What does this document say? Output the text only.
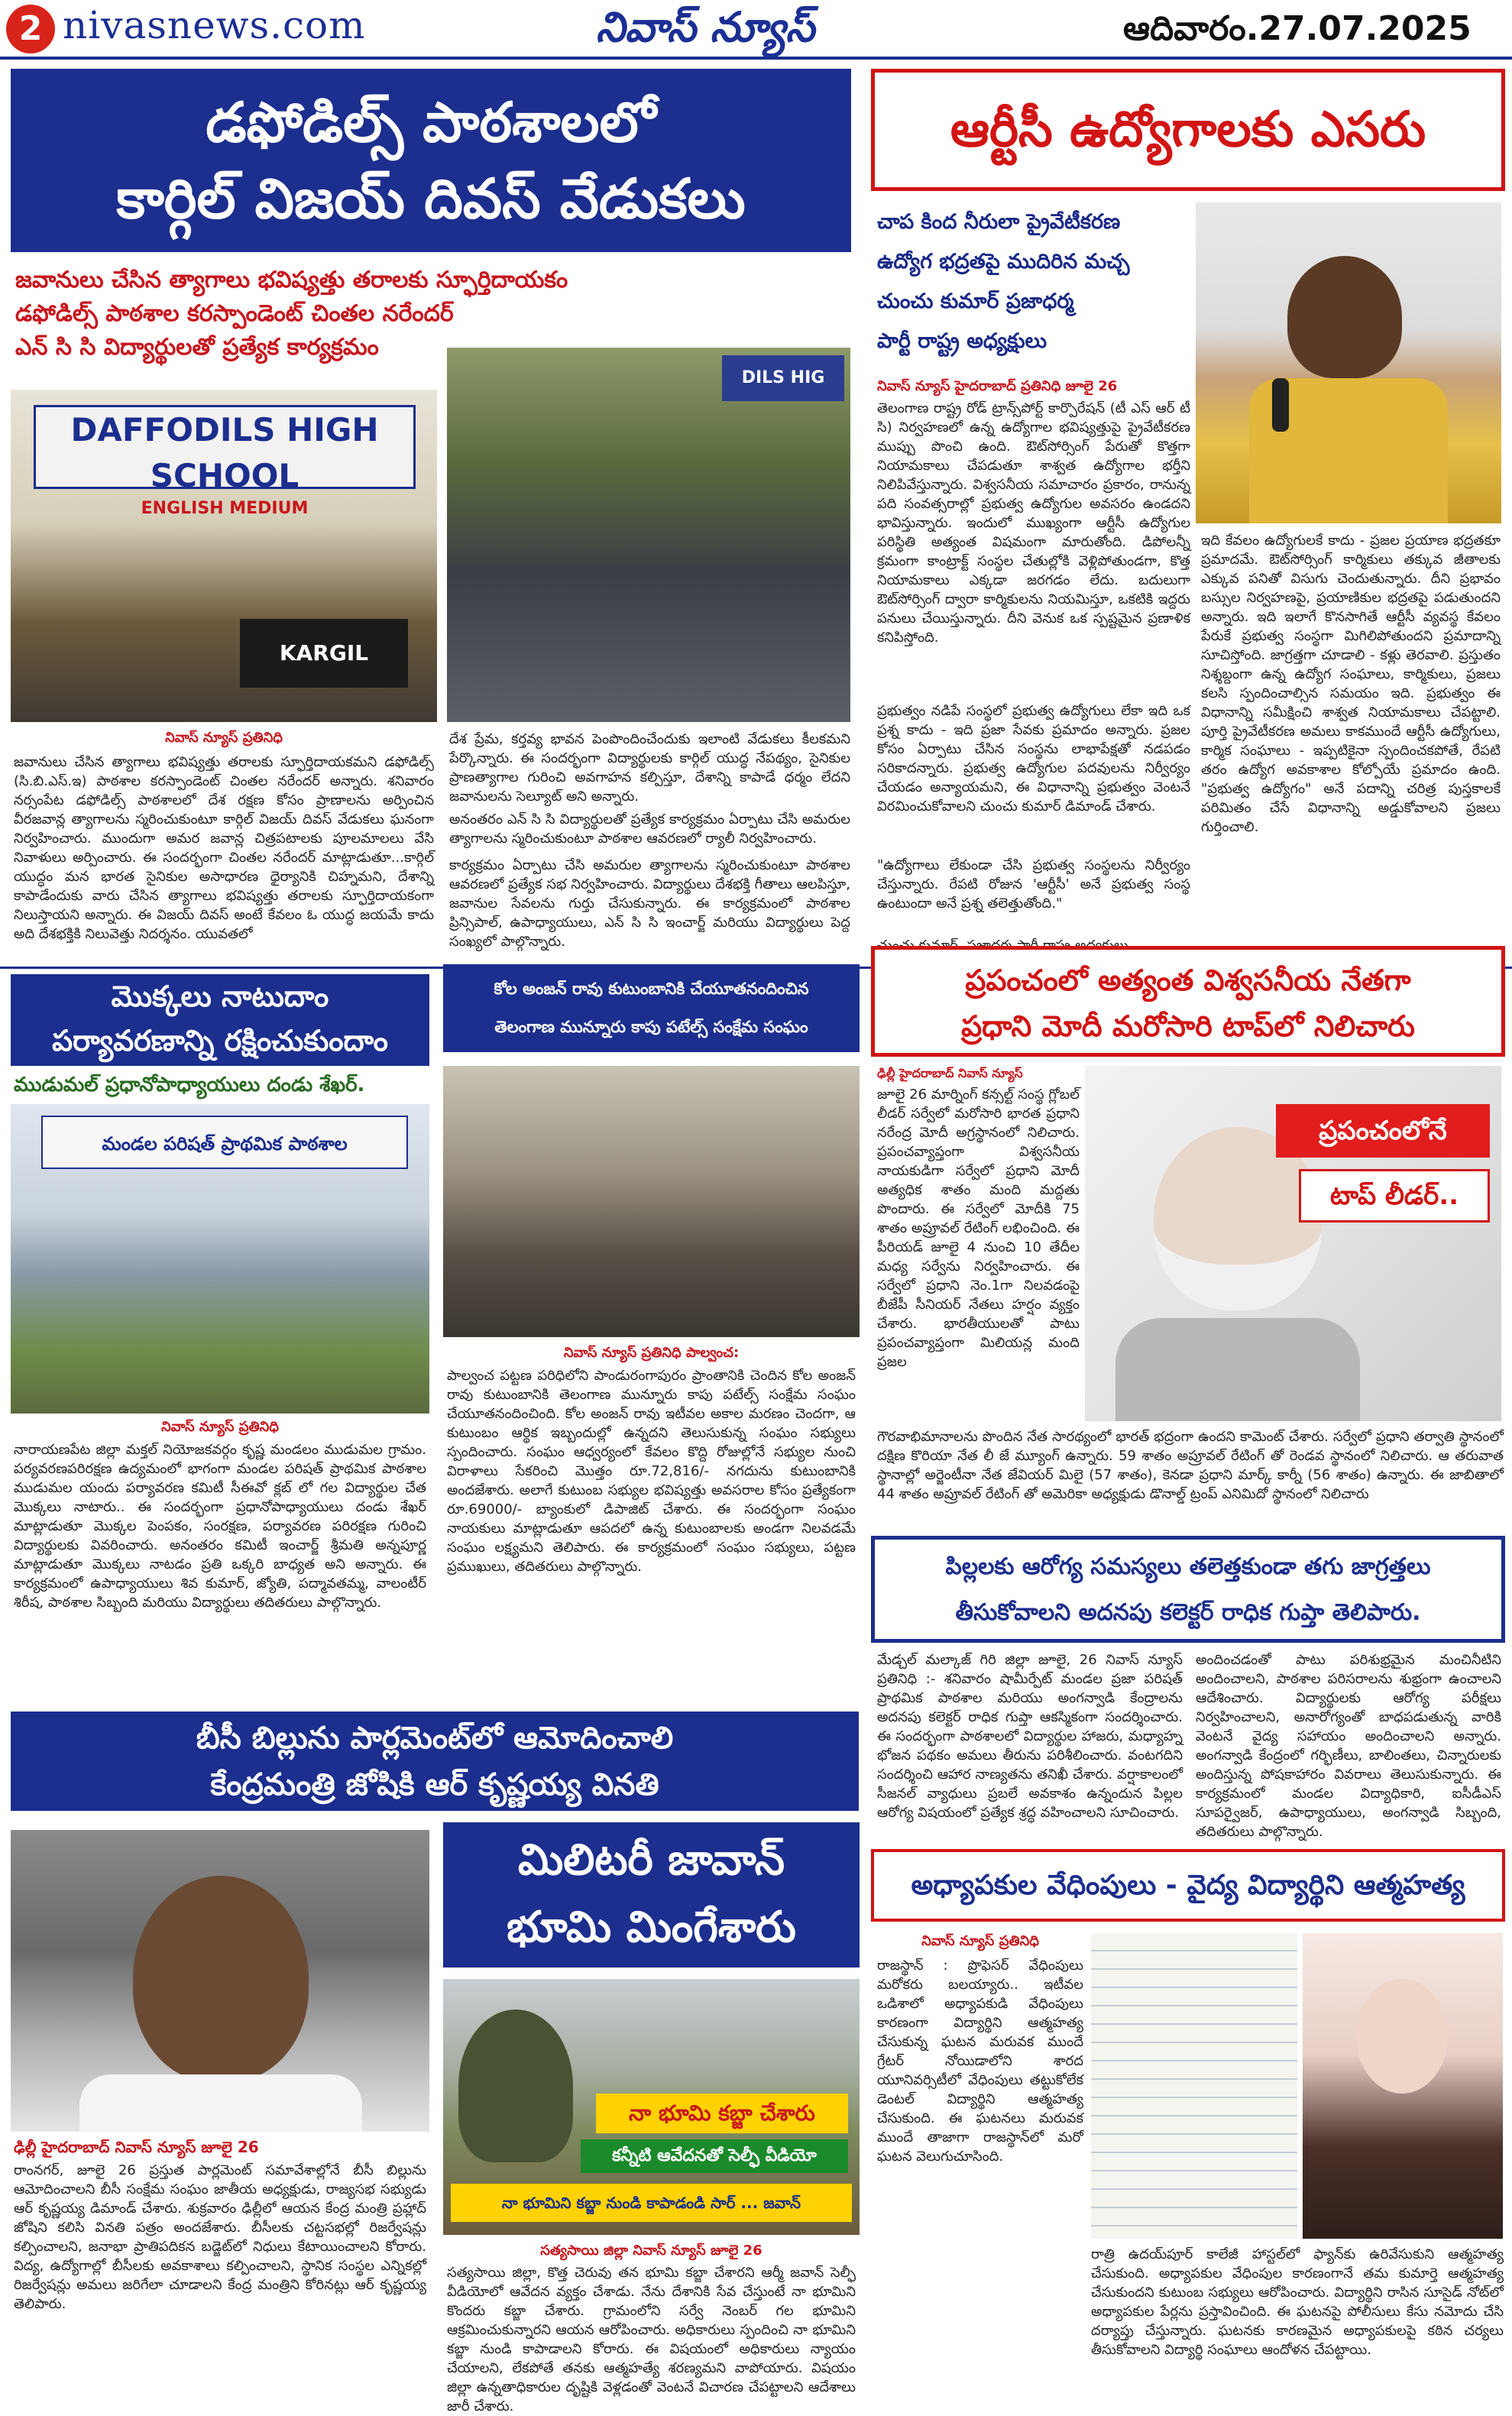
2 nivasnews.com	నివాస్ న్యూస్	ఆదివారం.27.07.2025
డఫోడిల్స్ పాఠశాలలో
కార్గిల్ విజయ్ దివస్ వేడుకలు
జవానులు చేసిన త్యాగాలు భవిష్యత్తు తరాలకు స్ఫూర్తిదాయకం
డఫోడిల్స్ పాఠశాల కరస్పాండెంట్ చింతల నరేందర్
ఎన్ సి సి విద్యార్థులతో ప్రత్యేక కార్యక్రమం
DAFFODILS HIGH SCHOOL
ENGLISH MEDIUM
KARGIL
DILS HIG
నివాస్ న్యూస్ ప్రతినిధి
జవానులు చేసిన త్యాగాలు భవిష్యత్తు తరాలకు స్ఫూర్తిదాయకమని డఫోడిల్స్ (సి.బి.ఎస్.ఇ) పాఠశాల కరస్పాండెంట్ చింతల నరేందర్ అన్నారు. శనివారం నర్సంపేట డఫోడిల్స్ పాఠశాలలో దేశ రక్షణ కోసం ప్రాణాలను అర్పించిన వీరజవాన్ల త్యాగాలను స్మరించుకుంటూ కార్గిల్ విజయ్ దివస్ వేడుకలు ఘనంగా నిర్వహించారు. ముందుగా అమర జవాన్ల చిత్రపటాలకు పూలమాలలు వేసి నివాళులు అర్పించారు. ఈ సందర్భంగా చింతల నరేందర్ మాట్లాడుతూ...కార్గిల్ యుద్ధం మన భారత సైనికుల అసాధారణ ధైర్యానికి చిహ్నమని, దేశాన్ని కాపాడేందుకు వారు చేసిన త్యాగాలు భవిష్యత్తు తరాలకు స్ఫూర్తిదాయకంగా నిలుస్తాయని అన్నారు. ఈ విజయ్ దివస్ అంటే కేవలం ఓ యుద్ధ జయమే కాదు అది దేశభక్తికి నిలువెత్తు నిదర్శనం. యువతలో
దేశ ప్రేమ, కర్తవ్య భావన పెంపొందించేందుకు ఇలాంటి వేడుకలు కీలకమని పేర్కొన్నారు. ఈ సందర్భంగా విద్యార్థులకు కార్గిల్ యుద్ధ నేపథ్యం, సైనికుల ప్రాణత్యాగాల గురించి అవగాహన కల్పిస్తూ, దేశాన్ని కాపాడే ధర్మం లేదని జవానులను సెల్యూట్ అని అన్నారు.
అనంతరం ఎన్ సి సి విద్యార్థులతో ప్రత్యేక కార్యక్రమం ఏర్పాటు చేసి అమరుల త్యాగాలను స్మరించుకుంటూ పాఠశాల ఆవరణలో ర్యాలీ నిర్వహించారు.
కార్యక్రమం ఏర్పాటు చేసి అమరుల త్యాగాలను స్మరించుకుంటూ పాఠశాల ఆవరణలో ప్రత్యేక సభ నిర్వహించారు. విద్యార్థులు దేశభక్తి గీతాలు ఆలపిస్తూ, జవానుల సేవలను గుర్తు చేసుకున్నారు. ఈ కార్యక్రమంలో పాఠశాల ప్రిన్సిపాల్, ఉపాధ్యాయులు, ఎన్ సి సి ఇంచార్జ్ మరియు విద్యార్థులు పెద్ద సంఖ్యలో పాల్గొన్నారు.
ఆర్టీసీ ఉద్యోగాలకు ఎసరు
చాప కింద నీరులా ప్రైవేటీకరణ
ఉద్యోగ భద్రతపై ముదిరిన మచ్చ
చుంచు కుమార్ ప్రజాధర్మ
పార్టీ రాష్ట్ర అధ్యక్షులు
నివాస్ న్యూస్ హైదరాబాద్ ప్రతినిధి జూలై 26
తెలంగాణ రాష్ట్ర రోడ్ ట్రాన్స్‌పోర్ట్ కార్పొరేషన్ (టీ ఎస్ ఆర్ టీ సి) నిర్వహణలో ఉన్న ఉద్యోగాల భవిష్యత్తుపై ప్రైవేటీకరణ ముప్పు పొంచి ఉంది. ఔట్‌సోర్సింగ్ పేరుతో కొత్తగా నియామకాలు చేపడుతూ శాశ్వత ఉద్యోగాల భర్తీని నిలిపివేస్తున్నారు. విశ్వసనీయ సమాచారం ప్రకారం, రానున్న పది సంవత్సరాల్లో ప్రభుత్వ ఉద్యోగుల అవసరం ఉండదని భావిస్తున్నారు. ఇందులో ముఖ్యంగా ఆర్టీసీ ఉద్యోగుల పరిస్థితి అత్యంత విషమంగా మారుతోంది. డిపోలన్నీ క్రమంగా కాంట్రాక్ట్ సంస్థల చేతుల్లోకి వెళ్లిపోతుండగా, కొత్త నియామకాలు ఎక్కడా జరగడం లేదు. బదులుగా ఔట్‌సోర్సింగ్ ద్వారా కార్మికులను నియమిస్తూ, ఒకటికి ఇద్దరు పనులు చేయిస్తున్నారు. దీని వెనుక ఒక స్పష్టమైన ప్రణాళిక కనిపిస్తోంది.
ప్రభుత్వం నడిపే సంస్థలో ప్రభుత్వ ఉద్యోగులు లేకా ఇది ఒక ప్రశ్న కాదు - ఇది ప్రజా సేవకు ప్రమాదం అన్నారు. ప్రజల కోసం ఏర్పాటు చేసిన సంస్థను లాభాపేక్షతో నడపడం సరికాదన్నారు. ప్రభుత్వ ఉద్యోగుల పదవులను నిర్వీర్యం చేయడం అన్యాయమని, ఈ విధానాన్ని ప్రభుత్వం వెంటనే విరమించుకోవాలని చుంచు కుమార్ డిమాండ్ చేశారు.
"ఉద్యోగాలు లేకుండా చేసి ప్రభుత్వ సంస్థలను నిర్వీర్యం చేస్తున్నారు. రేపటి రోజున 'ఆర్టీసీ' అనే ప్రభుత్వ సంస్థ ఉంటుందా అనే ప్రశ్న తలెత్తుతోంది."
ఇది కేవలం ఉద్యోగులకే కాదు - ప్రజల ప్రయాణ భద్రతకూ ప్రమాదమే. ఔట్‌సోర్సింగ్ కార్మికులు తక్కువ జీతాలకు ఎక్కువ పనితో విసుగు చెందుతున్నారు. దీని ప్రభావం బస్సుల నిర్వహణపై, ప్రయాణికుల భద్రతపై పడుతుందని అన్నారు. ఇది ఇలాగే కొనసాగితే ఆర్టీసీ వ్యవస్థ కేవలం పేరుకే ప్రభుత్వ సంస్థగా మిగిలిపోతుందని ప్రమాదాన్ని సూచిస్తోంది. జాగ్రత్తగా చూడాలి - కళ్లు తెరవాలి. ప్రస్తుతం నిశ్శబ్దంగా ఉన్న ఉద్యోగ సంఘాలు, కార్మికులు, ప్రజలు కలసి స్పందించాల్సిన సమయం ఇది. ప్రభుత్వం ఈ విధానాన్ని సమీక్షించి శాశ్వత నియామకాలు చేపట్టాలి. పూర్తి ప్రైవేటీకరణ అమలు కాకముందే ఆర్టీసీ ఉద్యోగులు, కార్మిక సంఘాలు - ఇప్పటికైనా స్పందించకపోతే, రేపటి తరం ఉద్యోగ అవకాశాల కోల్పోయే ప్రమాదం ఉంది. "ప్రభుత్వ ఉద్యోగం" అనే పదాన్ని చరిత్ర పుస్తకాలకే పరిమితం చేసే విధానాన్ని అడ్డుకోవాలని ప్రజలు గుర్తించాలి.
మొక్కలు నాటుదాం
పర్యావరణాన్ని రక్షించుకుందాం
ముడుమల్ ప్రధానోపాధ్యాయులు దండు శేఖర్.
మండల పరిషత్ ప్రాథమిక పాఠశాల
నివాస్ న్యూస్ ప్రతినిధి
నారాయణపేట జిల్లా మక్తల్ నియోజకవర్గం కృష్ణ మండలం ముడుమల గ్రామం. పర్యవరణపరిరక్షణ ఉద్యమంలో భాగంగా మండల పరిషత్ ప్రాథమిక పాఠశాల ముడుమల యందు పర్యావరణ కమిటీ సీఈవో క్లబ్ లో గల విద్యార్థుల చేత మొక్కలు నాటారు.. ఈ సందర్భంగా ప్రధానోపాధ్యాయులు దండు శేఖర్ మాట్లాడుతూ మొక్కల పెంపకం, సంరక్షణ, పర్యావరణ పరిరక్షణ గురించి విద్యార్థులకు వివరించారు. అనంతరం కమిటీ ఇంచార్జ్ శ్రీమతి అన్నపూర్ణ మాట్లాడుతూ మొక్కలు నాటడం ప్రతి ఒక్కరి బాధ్యత అని అన్నారు. ఈ కార్యక్రమంలో ఉపాధ్యాయులు శివ కుమార్, జ్యోతి, పద్మావతమ్మ, వాలంటీర్ శిరీష, పాఠశాల సిబ్బంది మరియు విద్యార్థులు తదితరులు పాల్గొన్నారు.
కోల అంజన్ రావు కుటుంబానికి చేయూతనందించిన
తెలంగాణ మున్నూరు కాపు పటేల్స్ సంక్షేమ సంఘం
నివాస్ న్యూస్ ప్రతినిధి పాల్వంచ:
పాల్వంచ పట్టణ పరిధిలోని పాండురంగాపురం ప్రాంతానికి చెందిన కోల అంజన్ రావు కుటుంబానికి తెలంగాణ మున్నూరు కాపు పటేల్స్ సంక్షేమ సంఘం చేయూతనందించింది. కోల అంజన్ రావు ఇటీవల అకాల మరణం చెందగా, ఆ కుటుంబం ఆర్థిక ఇబ్బందుల్లో ఉన్నదని తెలుసుకున్న సంఘం సభ్యులు స్పందించారు. సంఘం ఆధ్వర్యంలో కేవలం కొద్ది రోజుల్లోనే సభ్యుల నుంచి విరాళాలు సేకరించి మొత్తం రూ.72,816/- నగదును కుటుంబానికి అందజేశారు. అలాగే కుటుంబ సభ్యుల భవిష్యత్తు అవసరాల కోసం ప్రత్యేకంగా రూ.69000/- బ్యాంకులో డిపాజిట్ చేశారు. ఈ సందర్భంగా సంఘం నాయకులు మాట్లాడుతూ ఆపదలో ఉన్న కుటుంబాలకు అండగా నిలవడమే సంఘం లక్ష్యమని తెలిపారు. ఈ కార్యక్రమంలో సంఘం సభ్యులు, పట్టణ ప్రముఖులు, తదితరులు పాల్గొన్నారు.
ప్రపంచంలో అత్యంత విశ్వసనీయ నేతగా
ప్రధాని మోదీ మరోసారి టాప్‌లో నిలిచారు
ఢిల్లీ హైదరాబాద్ నివాస్ న్యూస్
జూలై 26 మార్నింగ్ కన్సల్ట్ సంస్థ గ్లోబల్ లీడర్ సర్వేలో మరోసారి భారత ప్రధాని నరేంద్ర మోదీ అగ్రస్థానంలో నిలిచారు. ప్రపంచవ్యాప్తంగా విశ్వసనీయ నాయకుడిగా సర్వేలో ప్రధాని మోదీ అత్యధిక శాతం మంది మద్దతు పొందారు. ఈ సర్వేలో మోదీకి 75 శాతం అప్రూవల్ రేటింగ్ లభించింది. ఈ పీరియడ్ జూలై 4 నుంచి 10 తేదీల మధ్య సర్వేను నిర్వహించారు. ఈ సర్వేలో ప్రధాని నెం.1గా నిలవడంపై బీజేపీ సీనియర్ నేతలు హర్షం వ్యక్తం చేశారు. భారతీయులతో పాటు ప్రపంచవ్యాప్తంగా మిలియన్ల మంది ప్రజల
ప్రపంచంలోనే
టాప్ లీడర్..
గౌరవాభిమానాలను పొందిన నేత సారథ్యంలో భారత్ భద్రంగా ఉందని కామెంట్ చేశారు. సర్వేలో ప్రధాని తర్వాతి స్థానంలో దక్షిణ కొరియా నేత లీ జే మ్యూంగ్ ఉన్నారు. 59 శాతం అప్రూవల్ రేటింగ్ తో రెండవ స్థానంలో నిలిచారు. ఆ తరువాత స్థానాల్లో అర్జెంటీనా నేత జేవియర్ మిలై (57 శాతం), కెనడా ప్రధాని మార్క్ కార్నీ (56 శాతం) ఉన్నారు. ఈ జాబితాలో 44 శాతం అప్రూవల్ రేటింగ్ తో అమెరికా అధ్యక్షుడు డొనాల్డ్ ట్రంప్ ఎనిమిదో స్థానంలో నిలిచారు
పిల్లలకు ఆరోగ్య సమస్యలు తలెత్తకుండా తగు జాగ్రత్తలు
తీసుకోవాలని అదనపు కలెక్టర్ రాధిక గుప్తా తెలిపారు.
మేడ్చల్ మల్కాజ్ గిరి జిల్లా జూలై, 26 నివాస్ న్యూస్ ప్రతినిధి :- శనివారం షామీర్పేట్ మండల ప్రజా పరిషత్ ప్రాథమిక పాఠశాల మరియు అంగన్వాడి కేంద్రాలను అదనపు కలెక్టర్ రాధిక గుప్తా ఆకస్మికంగా సందర్శించారు. ఈ సందర్భంగా పాఠశాలలో విద్యార్థుల హాజరు, మధ్యాహ్న భోజన పథకం అమలు తీరును పరిశీలించారు. వంటగదిని సందర్శించి ఆహార నాణ్యతను తనిఖీ చేశారు. వర్షాకాలంలో సీజనల్ వ్యాధులు ప్రబలే అవకాశం ఉన్నందున పిల్లల ఆరోగ్య విషయంలో ప్రత్యేక శ్రద్ధ వహించాలని సూచించారు.
అందించడంతో పాటు పరిశుభ్రమైన మంచినీటిని అందించాలని, పాఠశాల పరిసరాలను శుభ్రంగా ఉంచాలని ఆదేశించారు. విద్యార్థులకు ఆరోగ్య పరీక్షలు నిర్వహించాలని, అనారోగ్యంతో బాధపడుతున్న వారికి వెంటనే వైద్య సహాయం అందించాలని అన్నారు. అంగన్వాడి కేంద్రంలో గర్భిణీలు, బాలింతలు, చిన్నారులకు అందిస్తున్న పోషకాహారం వివరాలు తెలుసుకున్నారు. ఈ కార్యక్రమంలో మండల విద్యాధికారి, ఐసీడీఎస్ సూపర్వైజర్, ఉపాధ్యాయులు, అంగన్వాడి సిబ్బంది, తదితరులు పాల్గొన్నారు.
బీసీ బిల్లును పార్లమెంట్‌లో ఆమోదించాలి
కేంద్రమంత్రి జోషికి ఆర్ కృష్ణయ్య వినతి
ఢిల్లీ హైదరాబాద్ నివాస్ న్యూస్ జూలై 26
రాంనగర్, జూలై 26 ప్రస్తుత పార్లమెంట్ సమావేశాల్లోనే బీసీ బిల్లును ఆమోదించాలని బీసీ సంక్షేమ సంఘం జాతీయ అధ్యక్షుడు, రాజ్యసభ సభ్యుడు ఆర్ కృష్ణయ్య డిమాండ్ చేశారు. శుక్రవారం ఢిల్లీలో ఆయన కేంద్ర మంత్రి ప్రహ్లాద్ జోషిని కలిసి వినతి పత్రం అందజేశారు. బీసీలకు చట్టసభల్లో రిజర్వేషన్లు కల్పించాలని, జనాభా ప్రాతిపదికన బడ్జెట్‌లో నిధులు కేటాయించాలని కోరారు. విద్య, ఉద్యోగాల్లో బీసీలకు అవకాశాలు కల్పించాలని, స్థానిక సంస్థల ఎన్నికల్లో రిజర్వేషన్లు అమలు జరిగేలా చూడాలని కేంద్ర మంత్రిని కోరినట్లు ఆర్ కృష్ణయ్య తెలిపారు.
మిలిటరీ జావాన్
భూమి మింగేశారు
నా భూమి కబ్జా చేశారు
కన్నీటి ఆవేదనతో సెల్ఫీ వీడియో
నా భూమిని కబ్జా నుండి కాపాడండి సార్ ... జవాన్
సత్యసాయి జిల్లా నివాస్ న్యూస్ జూలై 26
సత్యసాయి జిల్లా, కొత్త చెరువు తన భూమి కబ్జా చేశారని ఆర్మీ జవాన్ సెల్ఫీ వీడియోలో ఆవేదన వ్యక్తం చేశాడు. నేను దేశానికి సేవ చేస్తుంటే నా భూమిని కొందరు కబ్జా చేశారు. గ్రామంలోని సర్వే నెంబర్ గల భూమిని ఆక్రమించుకున్నారని ఆయన ఆరోపించారు. అధికారులు స్పందించి నా భూమిని కబ్జా నుండి కాపాడాలని కోరారు. ఈ విషయంలో అధికారులు న్యాయం చేయాలని, లేకపోతే తనకు ఆత్మహత్యే శరణ్యమని వాపోయారు. విషయం జిల్లా ఉన్నతాధికారుల దృష్టికి వెళ్లడంతో వెంటనే విచారణ చేపట్టాలని ఆదేశాలు జారీ చేశారు.
అధ్యాపకుల వేధింపులు - వైద్య విద్యార్థిని ఆత్మహత్య
నివాస్ న్యూస్ ప్రతినిధి
రాజస్థాన్ : ప్రొఫెసర్ వేధింపులు మరోకరు బలయ్యారు.. ఇటీవల ఒడిశాలో అధ్యాపకుడి వేధింపులు కారణంగా విద్యార్థిని ఆత్మహత్య చేసుకున్న ఘటన మరువక ముందే గ్రేటర్ నోయిడాలోని శారద యూనివర్సిటీలో వేధింపులు తట్టుకోలేక డెంటల్ విద్యార్థిని ఆత్మహత్య చేసుకుంది. ఈ ఘటనలు మరువక ముందే తాజాగా రాజస్థాన్‌లో మరో ఘటన వెలుగుచూసింది.
రాత్రి ఉదయ్‌పూర్ కాలేజీ హాస్టల్‌లో ఫ్యాన్‌కు ఉరివేసుకుని ఆత్మహత్య చేసుకుంది. అధ్యాపకుల వేధింపుల కారణంగానే తమ కుమార్తె ఆత్మహత్య చేసుకుందని కుటుంబ సభ్యులు ఆరోపించారు. విద్యార్థిని రాసిన సూసైడ్ నోట్‌లో అధ్యాపకుల పేర్లను ప్రస్తావించింది. ఈ ఘటనపై పోలీసులు కేసు నమోదు చేసి దర్యాప్తు చేస్తున్నారు. ఘటనకు కారణమైన అధ్యాపకులపై కఠిన చర్యలు తీసుకోవాలని విద్యార్థి సంఘాలు ఆందోళన చేపట్టాయి.
